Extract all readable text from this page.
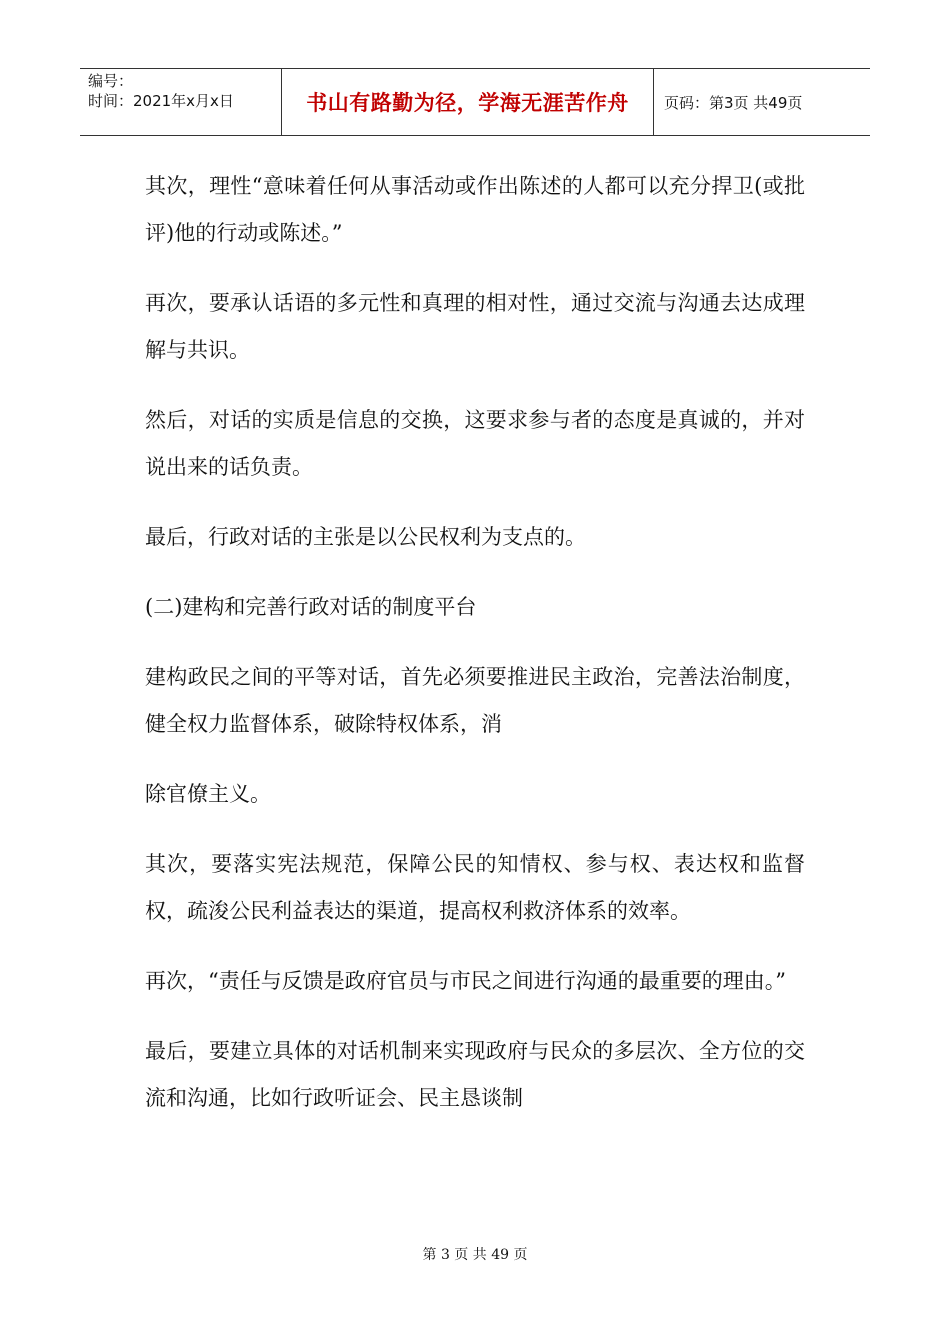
编号：
时间：2021年x月x日	书山有路勤为径，学海无涯苦作舟 页码：第3页 共49页

其次，理性“意味着任何从事活动或作出陈述的人都可以充分捍卫(或批评)他的行动或陈述。”

再次，要承认话语的多元性和真理的相对性，通过交流与沟通去达成理解与共识。

然后，对话的实质是信息的交换，这要求参与者的态度是真诚的，并对说出来的话负责。

最后，行政对话的主张是以公民权利为支点的。

(二)建构和完善行政对话的制度平台

建构政民之间的平等对话，首先必须要推进民主政治，完善法治制度，健全权力监督体系，破除特权体系，消

除官僚主义。

其次，要落实宪法规范，保障公民的知情权、参与权、表达权和监督权，疏浚公民利益表达的渠道，提高权利救济体系的效率。

再次，“责任与反馈是政府官员与市民之间进行沟通的最重要的理由。”

最后，要建立具体的对话机制来实现政府与民众的多层次、全方位的交流和沟通，比如行政听证会、民主恳谈制

第 3 页 共 49 页
